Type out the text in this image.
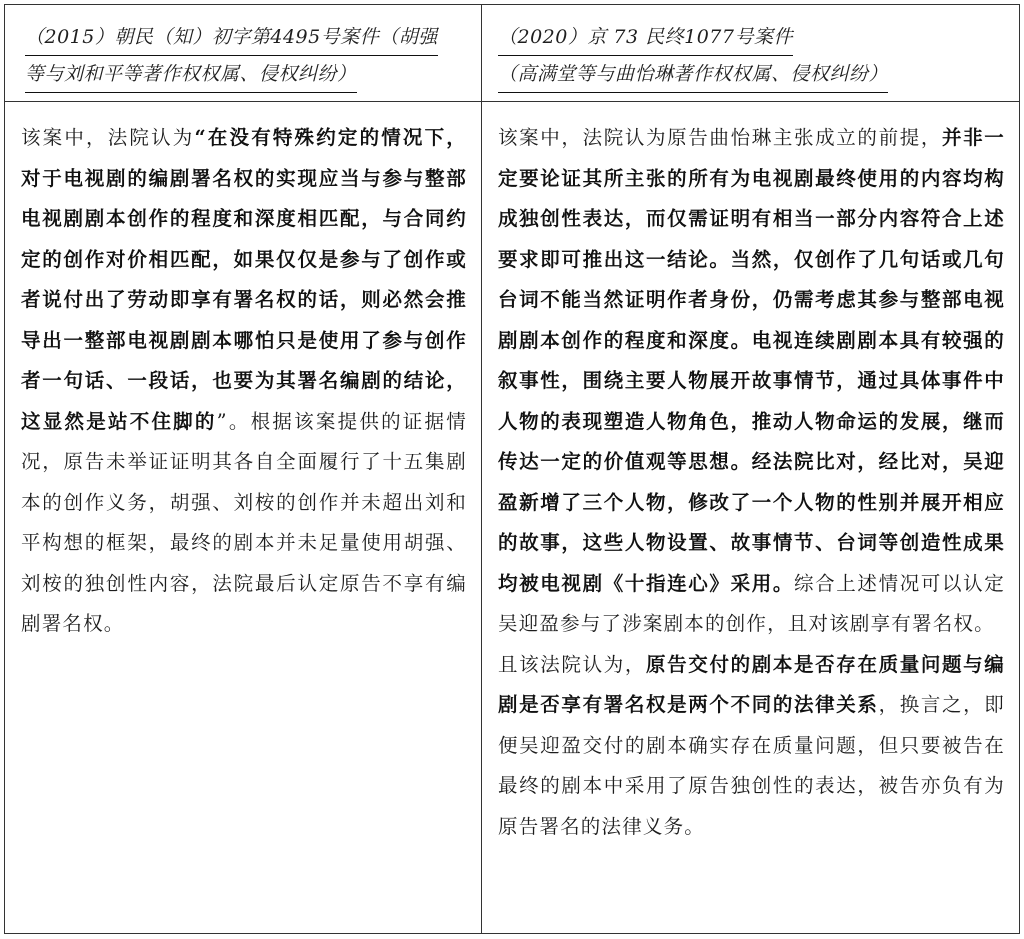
（2015）朝民（知）初字第4495号案件（胡强
等与刘和平等著作权权属、侵权纠纷）
（2020）京 73 民终1077号案件
（高满堂等与曲怡琳著作权权属、侵权纠纷）

该案中，法院认为“在没有特殊约定的情况下，对于电视剧的编剧署名权的实现应当与参与整部电视剧剧本创作的程度和深度相匹配，与合同约定的创作对价相匹配，如果仅仅是参与了创作或者说付出了劳动即享有署名权的话，则必然会推导出一整部电视剧剧本哪怕只是使用了参与创作者一句话、一段话，也要为其署名编剧的结论，这显然是站不住脚的”。根据该案提供的证据情况，原告未举证证明其各自全面履行了十五集剧本的创作义务，胡强、刘桉的创作并未超出刘和平构想的框架，最终的剧本并未足量使用胡强、刘桉的独创性内容，法院最后认定原告不享有编剧署名权。

该案中，法院认为原告曲怡琳主张成立的前提，并非一定要论证其所主张的所有为电视剧最终使用的内容均构成独创性表达，而仅需证明有相当一部分内容符合上述要求即可推出这一结论。当然，仅创作了几句话或几句台词不能当然证明作者身份，仍需考虑其参与整部电视剧剧本创作的程度和深度。电视连续剧剧本具有较强的叙事性，围绕主要人物展开故事情节，通过具体事件中人物的表现塑造人物角色，推动人物命运的发展，继而传达一定的价值观等思想。经法院比对，经比对，吴迎盈新增了三个人物，修改了一个人物的性别并展开相应的故事，这些人物设置、故事情节、台词等创造性成果均被电视剧《十指连心》采用。综合上述情况可以认定吴迎盈参与了涉案剧本的创作，且对该剧享有署名权。

且该法院认为，原告交付的剧本是否存在质量问题与编剧是否享有署名权是两个不同的法律关系，换言之，即便吴迎盈交付的剧本确实存在质量问题，但只要被告在最终的剧本中采用了原告独创性的表达，被告亦负有为原告署名的法律义务。
